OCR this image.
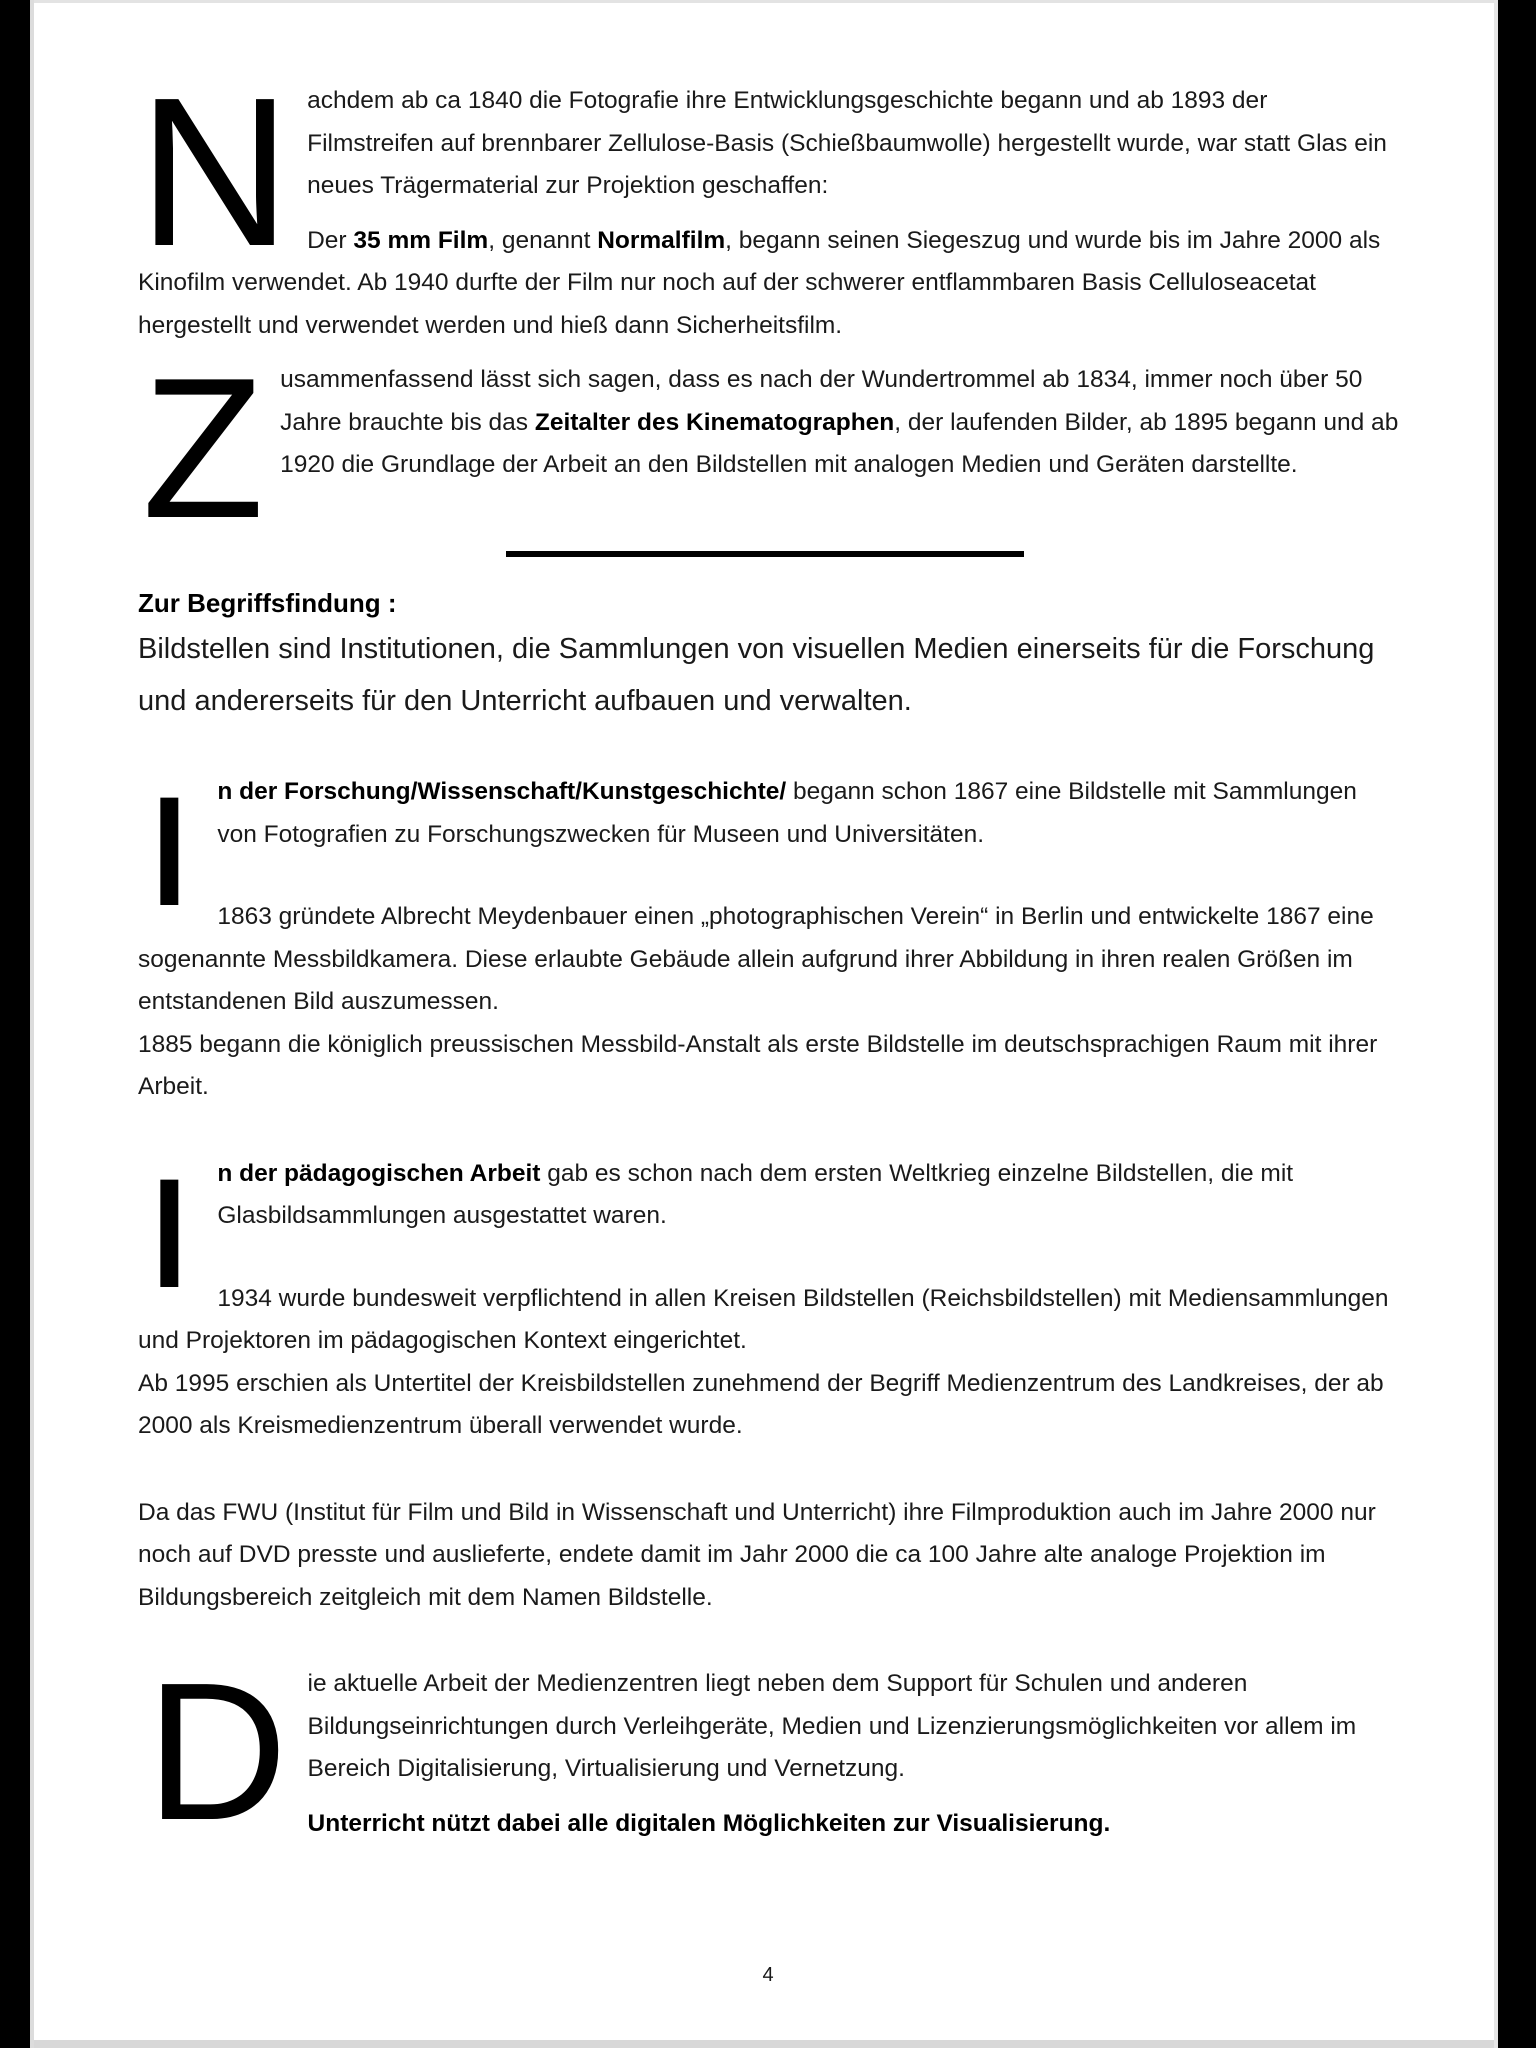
N achdem ab ca 1840 die Fotografie ihre Entwicklungsgeschichte begann und ab 1893 der Filmstreifen auf brennbarer Zellulose-Basis (Schießbaumwolle) hergestellt wurde, war statt Glas ein neues Trägermaterial zur Projektion geschaffen:

Der 35 mm Film, genannt Normalfilm, begann seinen Siegeszug und wurde bis im Jahre 2000 als Kinofilm verwendet. Ab 1940 durfte der Film nur noch auf der schwerer entflammbaren Basis Celluloseacetat hergestellt und verwendet werden und hieß dann Sicherheitsfilm.

Z usammenfassend lässt sich sagen, dass es nach der Wundertrommel ab 1834, immer noch über 50 Jahre brauchte bis das Zeitalter des Kinematographen, der laufenden Bilder, ab 1895 begann und ab 1920 die Grundlage der Arbeit an den Bildstellen mit analogen Medien und Geräten darstellte.

Zur Begriffsfindung :

Bildstellen sind Institutionen, die Sammlungen von visuellen Medien einerseits für die Forschung und andererseits für den Unterricht aufbauen und verwalten.

I	n der Forschung/Wissenschaft/Kunstgeschichte/ begann schon 1867 eine Bildstelle mit Sammlungen von Fotografien zu Forschungszwecken für Museen und Universitäten.

1863 gründete Albrecht Meydenbauer einen „photographischen Verein“ in Berlin und entwickelte 1867 eine sogenannte Messbildkamera. Diese erlaubte Gebäude allein aufgrund ihrer Abbildung in ihren realen Größen im entstandenen Bild auszumessen.

1885 begann die königlich preussischen Messbild-Anstalt als erste Bildstelle im deutschsprachigen Raum mit ihrer Arbeit.

I	n der pädagogischen Arbeit gab es schon nach dem ersten Weltkrieg einzelne Bildstellen, die mit Glasbildsammlungen ausgestattet waren.

1934 wurde bundesweit verpflichtend in allen Kreisen Bildstellen (Reichsbildstellen) mit Mediensammlungen und Projektoren im pädagogischen Kontext eingerichtet.

Ab 1995 erschien als Untertitel der Kreisbildstellen zunehmend der Begriff Medienzentrum des Landkreises, der ab 2000 als Kreismedienzentrum überall verwendet wurde.

Da das FWU (Institut für Film und Bild in Wissenschaft und Unterricht) ihre Filmproduktion auch im Jahre 2000 nur noch auf DVD presste und auslieferte, endete damit im Jahr 2000 die ca 100 Jahre alte analoge Projektion im Bildungsbereich zeitgleich mit dem Namen Bildstelle.

D ie aktuelle Arbeit der Medienzentren liegt neben dem Support für Schulen und anderen Bildungseinrichtungen durch Verleihgeräte, Medien und Lizenzierungsmöglichkeiten vor allem im Bereich Digitalisierung, Virtualisierung und Vernetzung.

Unterricht nützt dabei alle digitalen Möglichkeiten zur Visualisierung.

4
